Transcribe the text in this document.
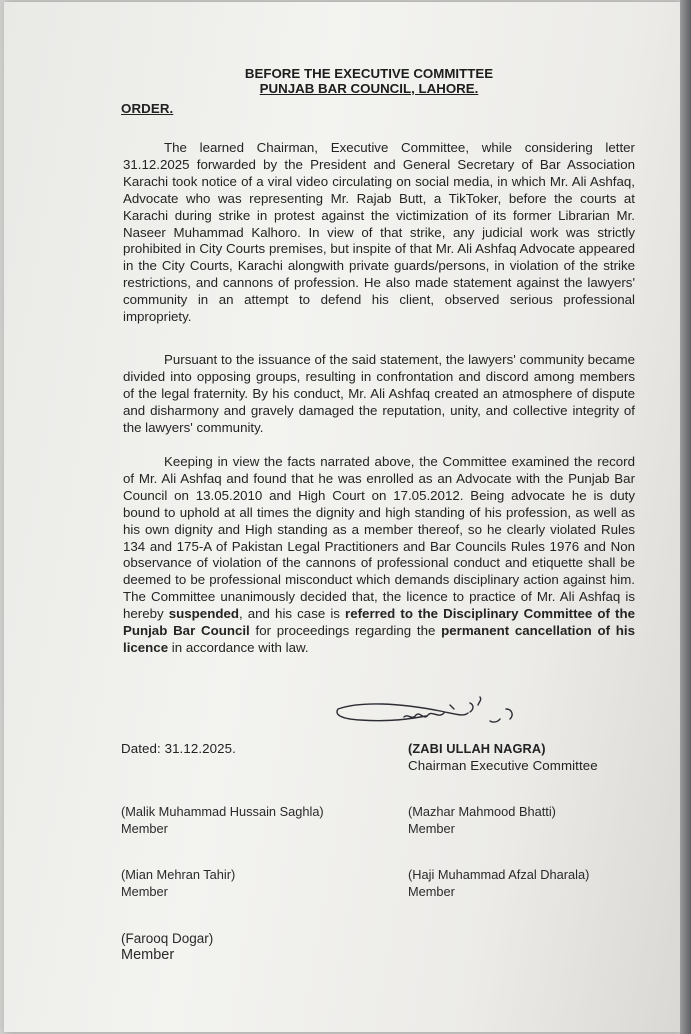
BEFORE THE EXECUTIVE COMMITTEE
PUNJAB BAR COUNCIL, LAHORE.
ORDER.
The learned Chairman, Executive Committee, while considering letter 31.12.2025 forwarded by the President and General Secretary of Bar Association Karachi took notice of a viral video circulating on social media, in which Mr. Ali Ashfaq, Advocate who was representing Mr. Rajab Butt, a TikToker, before the courts at Karachi during strike in protest against the victimization of its former Librarian Mr. Naseer Muhammad Kalhoro. In view of that strike, any judicial work was strictly prohibited in City Courts premises, but inspite of that Mr. Ali Ashfaq Advocate appeared in the City Courts, Karachi alongwith private guards/persons, in violation of the strike restrictions, and cannons of profession. He also made statement against the lawyers' community in an attempt to defend his client, observed serious professional impropriety.
Pursuant to the issuance of the said statement, the lawyers' community became divided into opposing groups, resulting in confrontation and discord among members of the legal fraternity. By his conduct, Mr. Ali Ashfaq created an atmosphere of dispute and disharmony and gravely damaged the reputation, unity, and collective integrity of the lawyers' community.
Keeping in view the facts narrated above, the Committee examined the record of Mr. Ali Ashfaq and found that he was enrolled as an Advocate with the Punjab Bar Council on 13.05.2010 and High Court on 17.05.2012. Being advocate he is duty bound to uphold at all times the dignity and high standing of his profession, as well as his own dignity and High standing as a member thereof, so he clearly violated Rules 134 and 175-A of Pakistan Legal Practitioners and Bar Councils Rules 1976 and Non observance of violation of the cannons of professional conduct and etiquette shall be deemed to be professional misconduct which demands disciplinary action against him. The Committee unanimously decided that, the licence to practice of Mr. Ali Ashfaq is hereby suspended, and his case is referred to the Disciplinary Committee of the Punjab Bar Council for proceedings regarding the permanent cancellation of his licence in accordance with law.
Dated: 31.12.2025.	(ZABI ULLAH NAGRA)
Chairman Executive Committee
(Malik Muhammad Hussain Saghla)
Member
(Mazhar Mahmood Bhatti)
Member
(Mian Mehran Tahir)
Member
(Haji Muhammad Afzal Dharala)
Member
(Farooq Dogar)
Member
